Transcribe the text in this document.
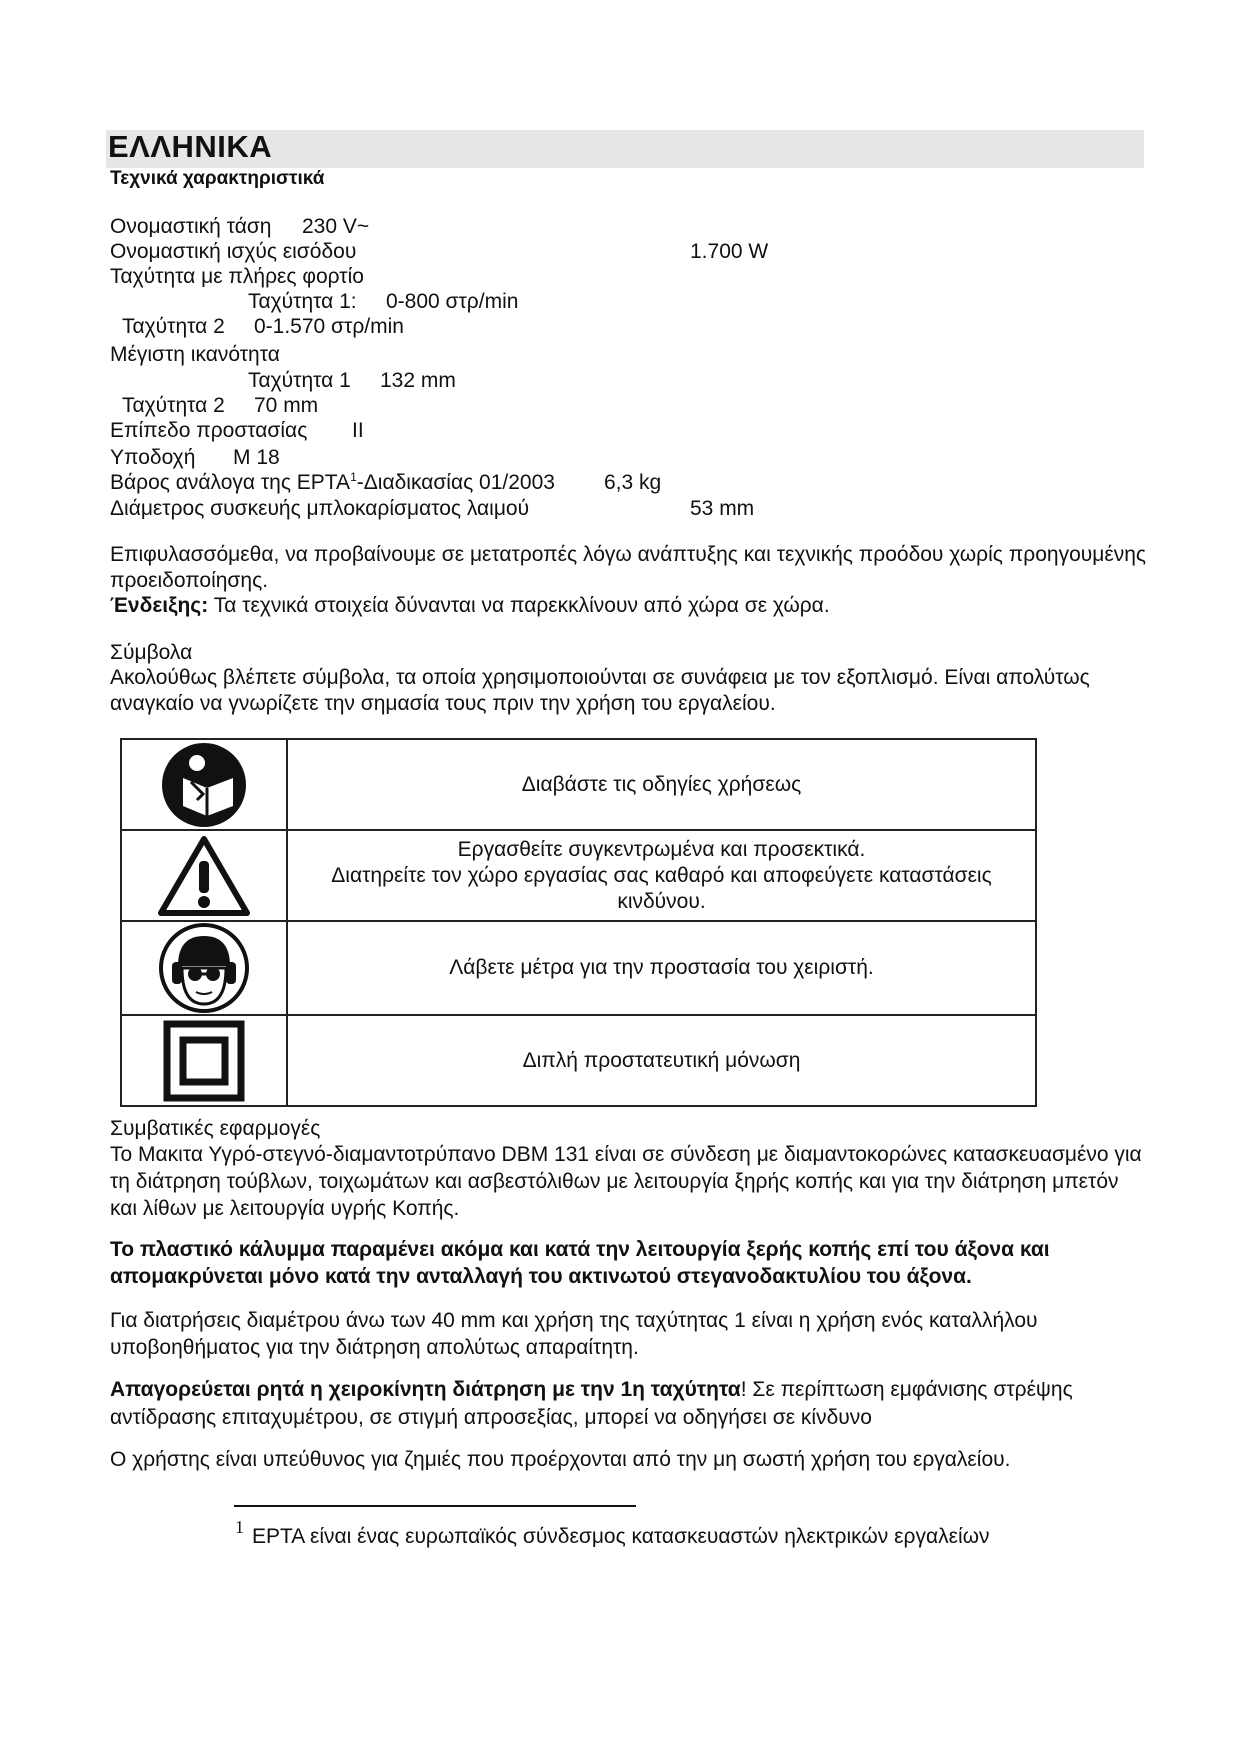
ΕΛΛΗΝΙΚΑ
Τεχνικά χαρακτηριστικά
Ονομαστική τάση 230 V~
Ονομαστική ισχύς εισόδου	1.700 W
Ταχύτητα με πλήρες φορτίο
Ταχύτητα 1: 0-800 στρ/min
Ταχύτητα 2 0-1.570 στρ/min
Μέγιστη ικανότητα
Ταχύτητα 1 132 mm
Ταχύτητα 2 70 mm
Επίπεδο προστασίας II
Υποδοχή M 18
Βάρος ανάλογα της EPTA$^1$-Διαδικασίας 01/2003 6,3 kg
Διάμετρος συσκευής μπλοκαρίσματος λαιμού	53 mm
Επιφυλασσόμεθα, να προβαίνουμε σε μετατροπές λόγω ανάπτυξης και τεχνικής προόδου χωρίς προηγουμένης προειδοποίησης.
Ένδειξης: Τα τεχνικά στοιχεία δύνανται να παρεκκλίνουν από χώρα σε χώρα.
Σύμβολα
Ακολούθως βλέπετε σύμβολα, τα οποία χρησιμοποιούνται σε συνάφεια με τον εξοπλισμό. Είναι απολύτως αναγκαίο να γνωρίζετε την σημασία τους πριν την χρήση του εργαλείου.

Διαβάστε τις οδηγίες χρήσεως

Εργασθείτε συγκεντρωμένα και προσεκτικά.
Διατηρείτε τον χώρο εργασίας σας καθαρό και αποφεύγετε καταστάσεις κινδύνου.

Λάβετε μέτρα για την προστασία του χειριστή.

Διπλή προστατευτική μόνωση
Συμβατικές εφαρμογές
Το Μακιτα Υγρό-στεγνό-διαμαντοτρύπανο DBM 131 είναι σε σύνδεση με διαμαντοκορώνες κατασκευασμένο για τη διάτρηση τούβλων, τοιχωμάτων και ασβεστόλιθων με λειτουργία ξηρής κοπής και για την διάτρηση μπετόν και λίθων με λειτουργία υγρής Κοπής.
Το πλαστικό κάλυμμα παραμένει ακόμα και κατά την λειτουργία ξερής κοπής επί του άξονα και απομακρύνεται μόνο κατά την ανταλλαγή του ακτινωτού στεγανοδακτυλίου του άξονα.
Για διατρήσεις διαμέτρου άνω των 40 mm και χρήση της ταχύτητας 1 είναι η χρήση ενός καταλλήλου υποβοηθήματος για την διάτρηση απολύτως απαραίτητη.
Απαγορεύεται ρητά η χειροκίνητη διάτρηση με την 1η ταχύτητα! Σε περίπτωση εμφάνισης στρέψης αντίδρασης επιταχυμέτρου, σε στιγμή απροσεξίας, μπορεί να οδηγήσει σε κίνδυνο
Ο χρήστης είναι υπεύθυνος για ζημιές που προέρχονται από την μη σωστή χρήση του εργαλείου.
1 EPTA είναι ένας ευρωπαϊκός σύνδεσμος κατασκευαστών ηλεκτρικών εργαλείων
